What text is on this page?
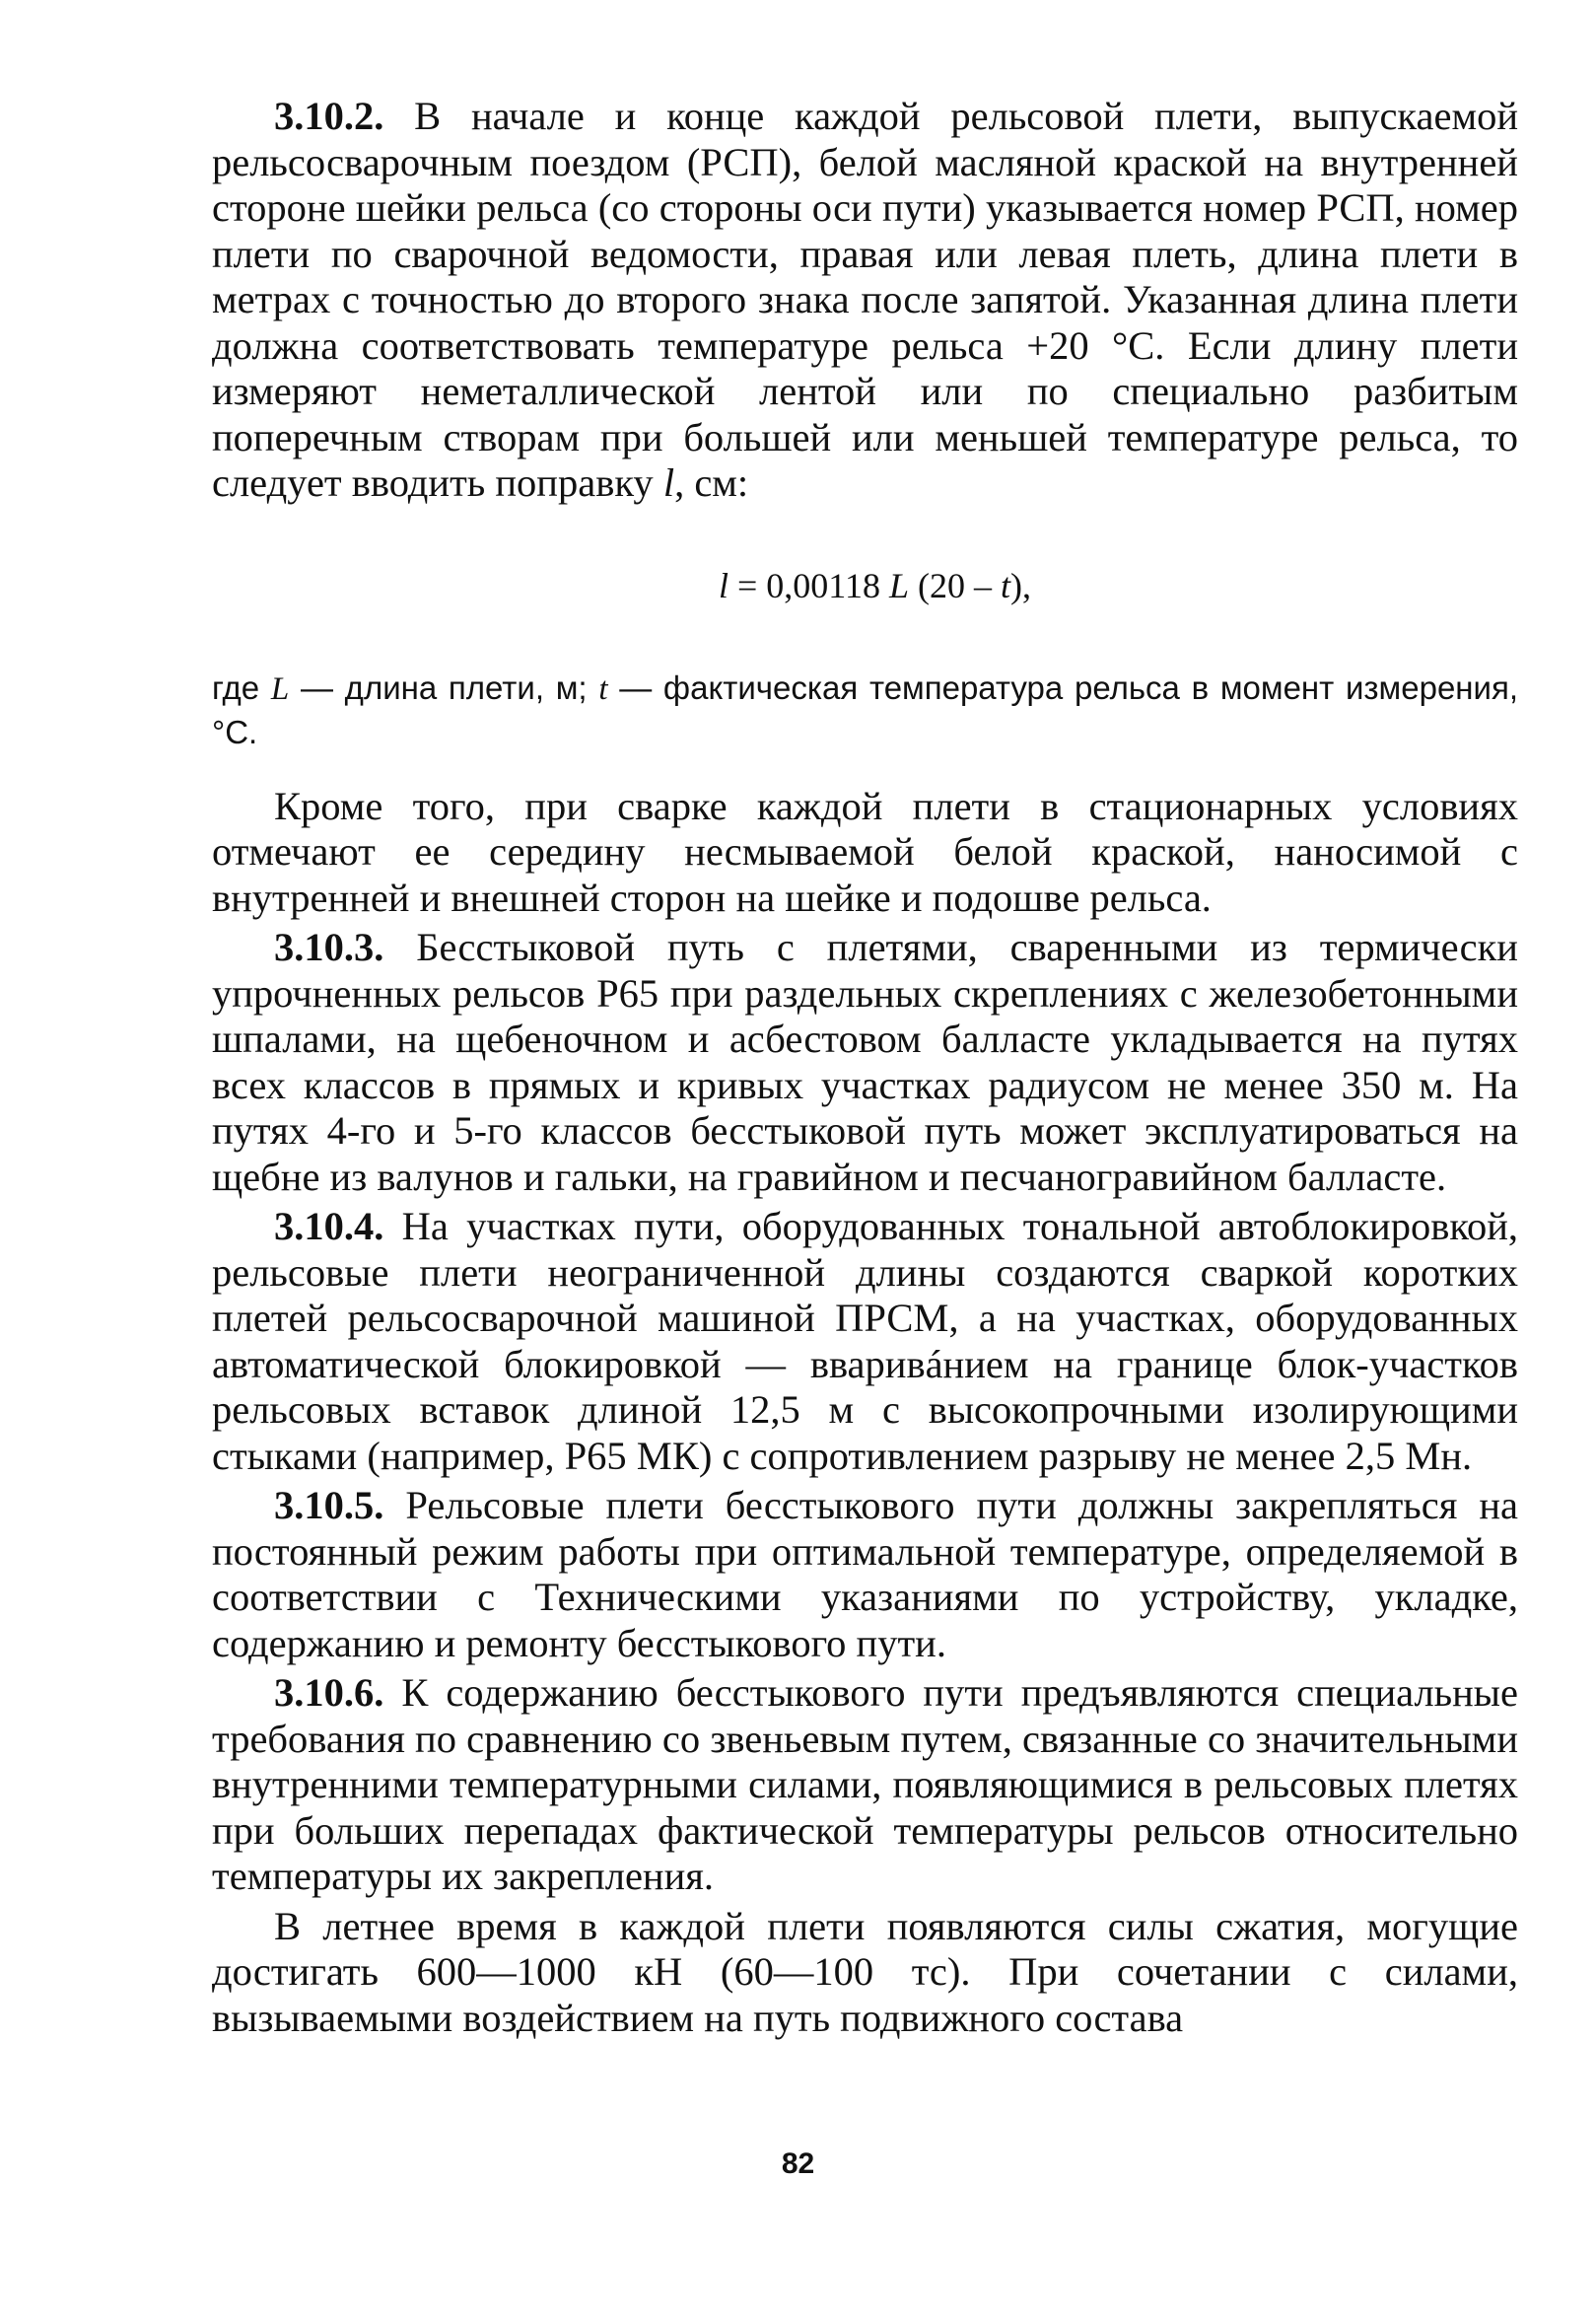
3.10.2. В начале и конце каждой рельсовой плети, выпускаемой рельсосварочным поездом (РСП), белой масляной краской на внутренней стороне шейки рельса (со стороны оси пути) указывается номер РСП, номер плети по сварочной ведомости, правая или левая плеть, длина плети в метрах с точностью до второго знака после запятой. Указанная длина плети должна соответствовать температуре рельса +20 °С. Если длину плети измеряют неметаллической лентой или по специально разбитым поперечным створам при большей или меньшей температуре рельса, то следует вводить поправку l, см:

l = 0,00118 L (20 – t),

где L — длина плети, м; t — фактическая температура рельса в момент измерения, °С.

Кроме того, при сварке каждой плети в стационарных условиях отмечают ее середину несмываемой белой краской, наносимой с внутренней и внешней сторон на шейке и подошве рельса.

3.10.3. Бесстыковой путь с плетями, сваренными из термически упрочненных рельсов Р65 при раздельных скреплениях с железобетонными шпалами, на щебеночном и асбестовом балласте укладывается на путях всех классов в прямых и кривых участках радиусом не менее 350 м. На путях 4-го и 5-го классов бесстыковой путь может эксплуатироваться на щебне из валунов и гальки, на гравийном и песчаногравийном балласте.

3.10.4. На участках пути, оборудованных тональной автоблокировкой, рельсовые плети неограниченной длины создаются сваркой коротких плетей рельсосварочной машиной ПРСМ, а на участках, оборудованных автоматической блокировкой — вваривáнием на границе блок-участков рельсовых вставок длиной 12,5 м с высокопрочными изолирующими стыками (например, Р65 МК) с сопротивлением разрыву не менее 2,5 Мн.

3.10.5. Рельсовые плети бесстыкового пути должны закрепляться на постоянный режим работы при оптимальной температуре, определяемой в соответствии с Техническими указаниями по устройству, укладке, содержанию и ремонту бесстыкового пути.

3.10.6. К содержанию бесстыкового пути предъявляются специальные требования по сравнению со звеньевым путем, связанные со значительными внутренними температурными силами, появляющимися в рельсовых плетях при больших перепадах фактической температуры рельсов относительно температуры их закрепления.

В летнее время в каждой плети появляются силы сжатия, могущие достигать 600—1000 кН (60—100 тс). При сочетании с силами, вызываемыми воздействием на путь подвижного состава

82
